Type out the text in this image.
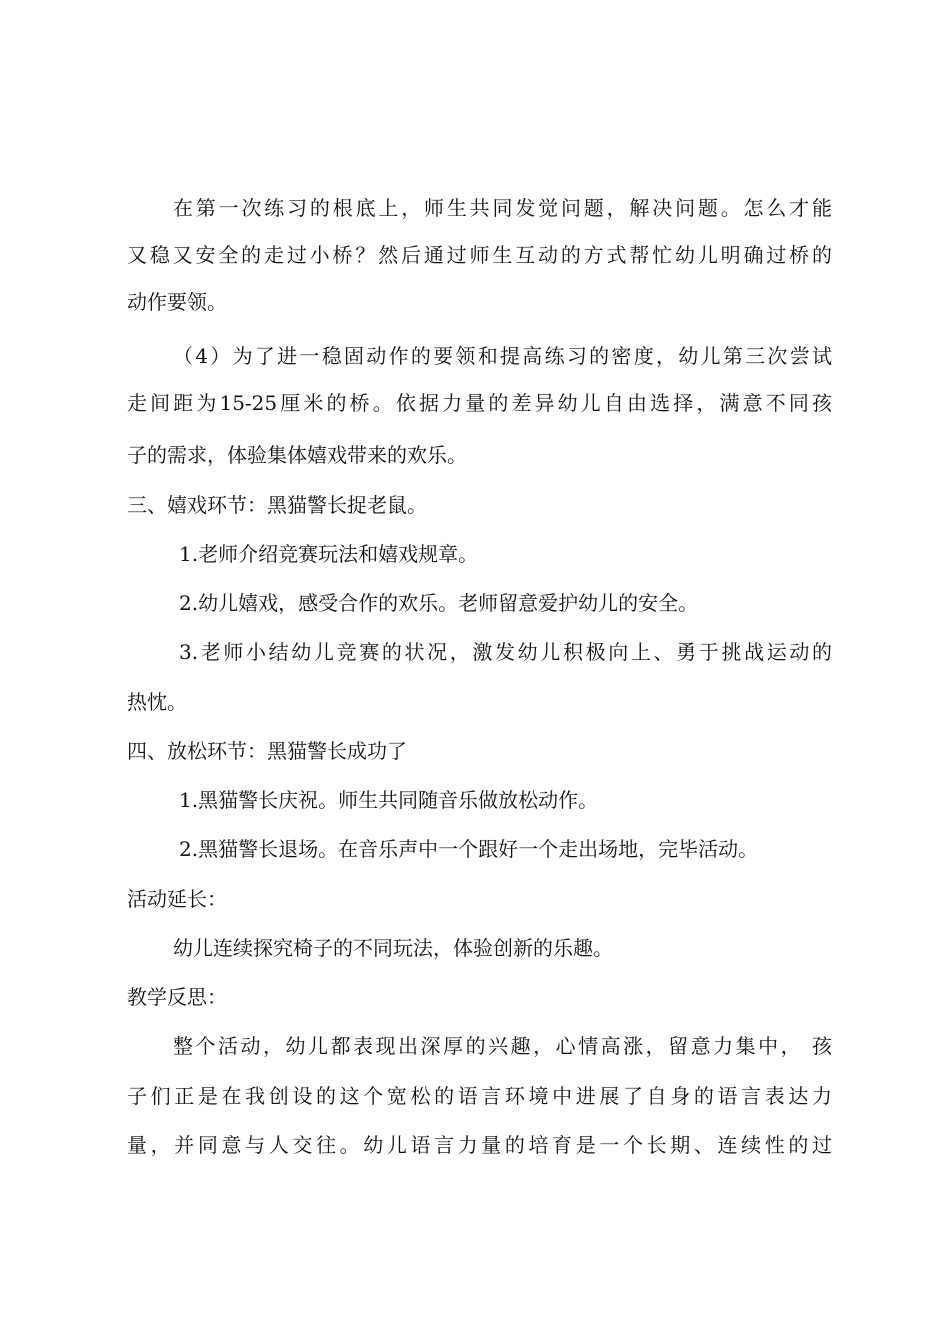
在第一次练习的根底上，师生共同发觉问题，解决问题。怎么才能
又稳又安全的走过小桥？然后通过师生互动的方式帮忙幼儿明确过桥的
动作要领。
（4）为了进一稳固动作的要领和提高练习的密度，幼儿第三次尝试
走间距为15-25厘米的桥。依据力量的差异幼儿自由选择，满意不同孩
子的需求，体验集体嬉戏带来的欢乐。
三、嬉戏环节：黑猫警长捉老鼠。
1.老师介绍竞赛玩法和嬉戏规章。
2.幼儿嬉戏，感受合作的欢乐。老师留意爱护幼儿的安全。
3.老师小结幼儿竞赛的状况，激发幼儿积极向上、勇于挑战运动的
热忱。
四、放松环节：黑猫警长成功了
1.黑猫警长庆祝。师生共同随音乐做放松动作。
2.黑猫警长退场。在音乐声中一个跟好一个走出场地，完毕活动。
活动延长：
幼儿连续探究椅子的不同玩法，体验创新的乐趣。
教学反思：
整个活动，幼儿都表现出深厚的兴趣，心情高涨，留意力集中， 孩
子们正是在我创设的这个宽松的语言环境中进展了自身的语言表达力
量，并同意与人交往。幼儿语言力量的培育是一个长期、连续性的过
